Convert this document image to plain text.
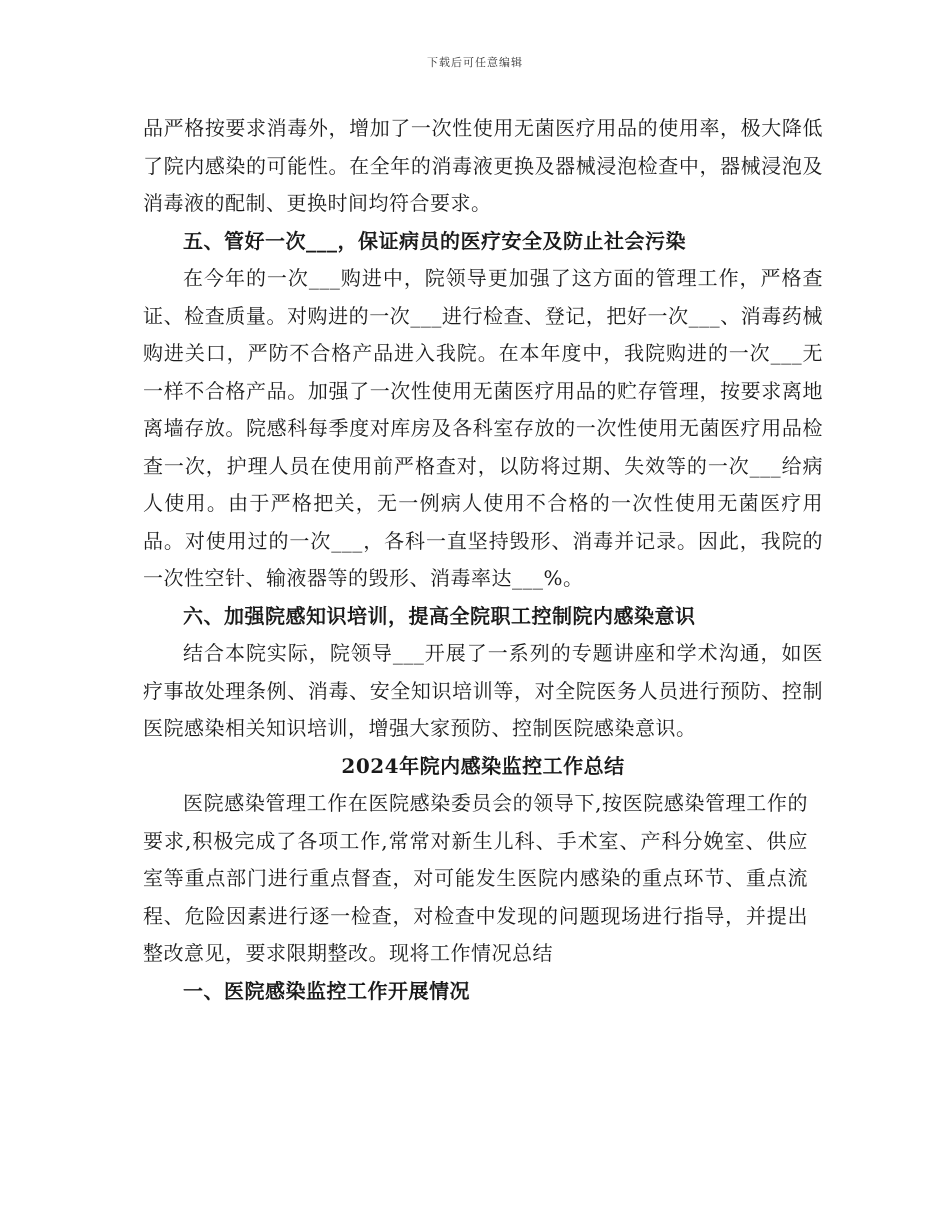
下载后可任意编辑

品严格按要求消毒外，增加了一次性使用无菌医疗用品的使用率，极大降低了院内感染的可能性。在全年的消毒液更换及器械浸泡检查中，器械浸泡及消毒液的配制、更换时间均符合要求。

五、管好一次___，保证病员的医疗安全及防止社会污染

在今年的一次___购进中，院领导更加强了这方面的管理工作，严格查证、检查质量。对购进的一次___进行检查、登记，把好一次___、消毒药械购进关口，严防不合格产品进入我院。在本年度中，我院购进的一次___无一样不合格产品。加强了一次性使用无菌医疗用品的贮存管理，按要求离地离墙存放。院感科每季度对库房及各科室存放的一次性使用无菌医疗用品检查一次，护理人员在使用前严格查对，以防将过期、失效等的一次___给病人使用。由于严格把关，无一例病人使用不合格的一次性使用无菌医疗用品。对使用过的一次___，各科一直坚持毁形、消毒并记录。因此，我院的一次性空针、输液器等的毁形、消毒率达___%。

六、加强院感知识培训，提高全院职工控制院内感染意识

结合本院实际，院领导___开展了一系列的专题讲座和学术沟通，如医疗事故处理条例、消毒、安全知识培训等，对全院医务人员进行预防、控制医院感染相关知识培训，增强大家预防、控制医院感染意识。

2024年院内感染监控工作总结

医院感染管理工作在医院感染委员会的领导下,按医院感染管理工作的要求,积极完成了各项工作,常常对新生儿科、手术室、产科分娩室、供应室等重点部门进行重点督查，对可能发生医院内感染的重点环节、重点流程、危险因素进行逐一检查，对检查中发现的问题现场进行指导，并提出整改意见，要求限期整改。现将工作情况总结

一、医院感染监控工作开展情况
